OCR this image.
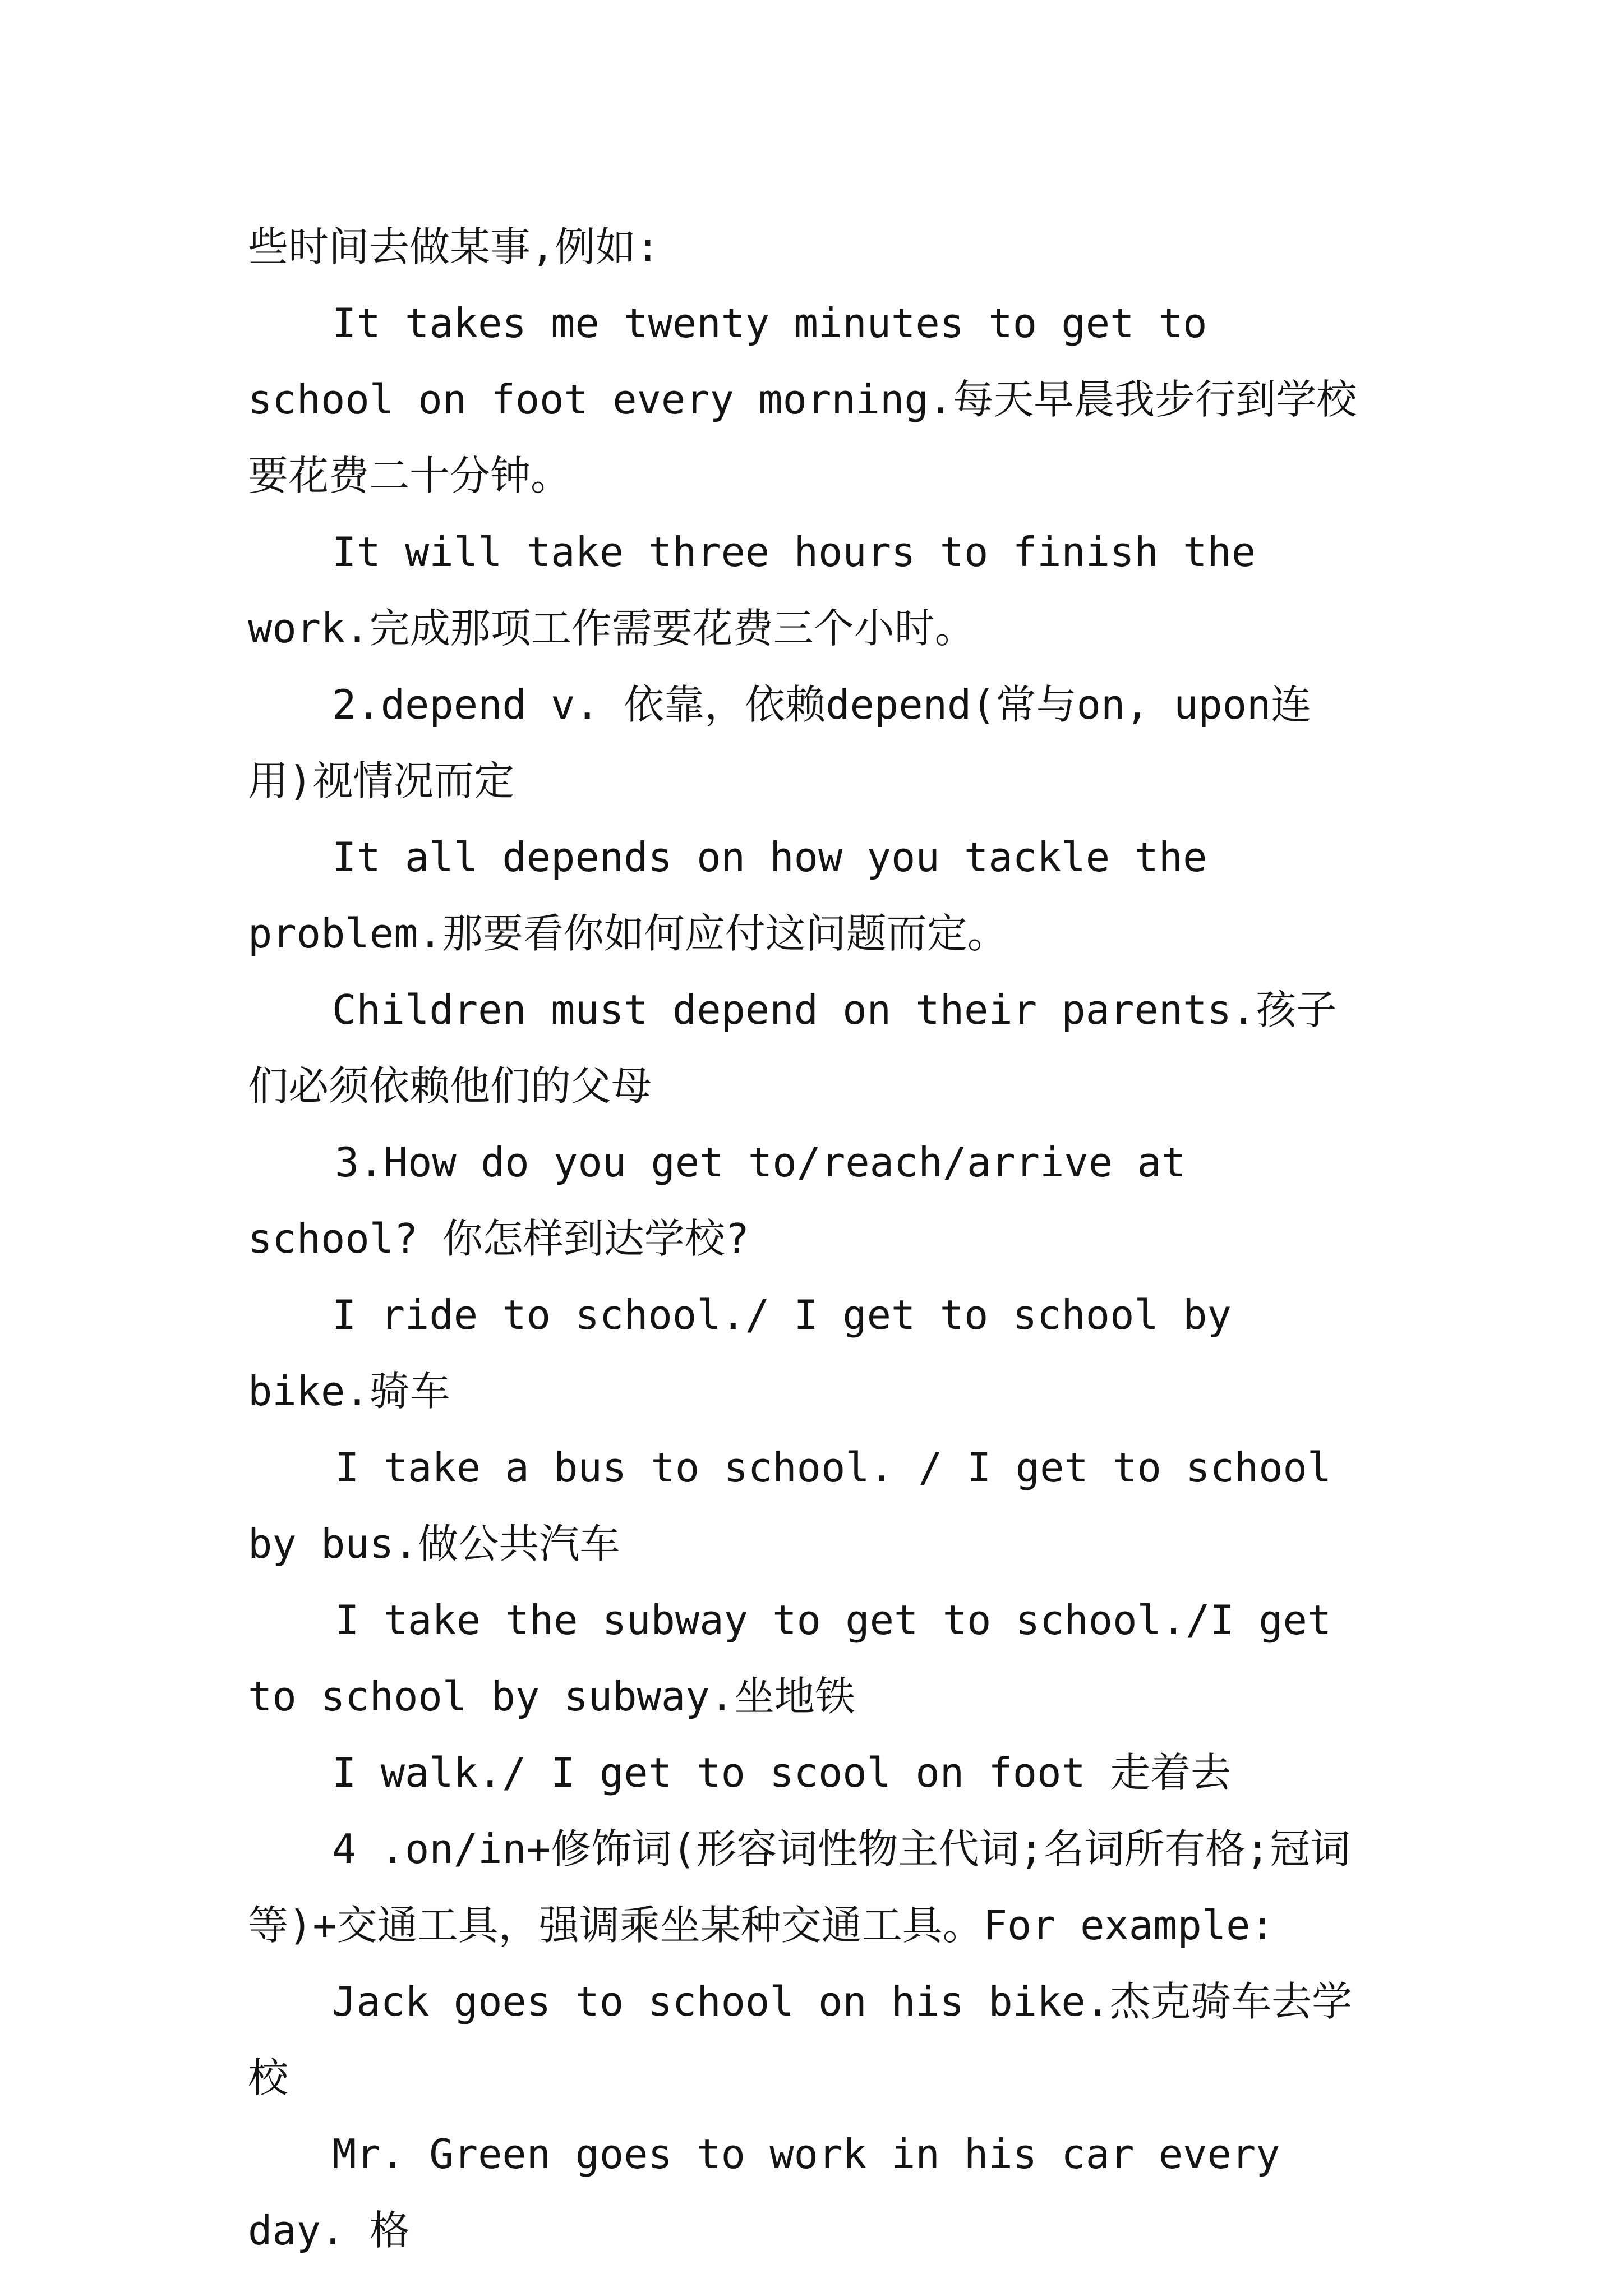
些时间去做某事,例如:

It takes me twenty minutes to get to school on foot every morning.每天早晨我步行到学校要花费二十分钟。

It will take three hours to finish the work.完成那项工作需要花费三个小时。

2.depend v. 依靠，依赖depend(常与on, upon连用)视情况而定

It all depends on how you tackle the problem.那要看你如何应付这问题而定。

Children must depend on their parents.孩子们必须依赖他们的父母

3.How do you get to/reach/arrive at school? 你怎样到达学校?

I ride to school./ I get to school by bike.骑车

I take a bus to school. / I get to school by bus.做公共汽车

I take the subway to get to school./I get to school by subway.坐地铁

I walk./ I get to scool on foot 走着去

4 .on/in+修饰词(形容词性物主代词;名词所有格;冠词等)+交通工具，强调乘坐某种交通工具。For example:

Jack goes to school on his bike.杰克骑车去学校

Mr. Green goes to work in his car every day. 格
